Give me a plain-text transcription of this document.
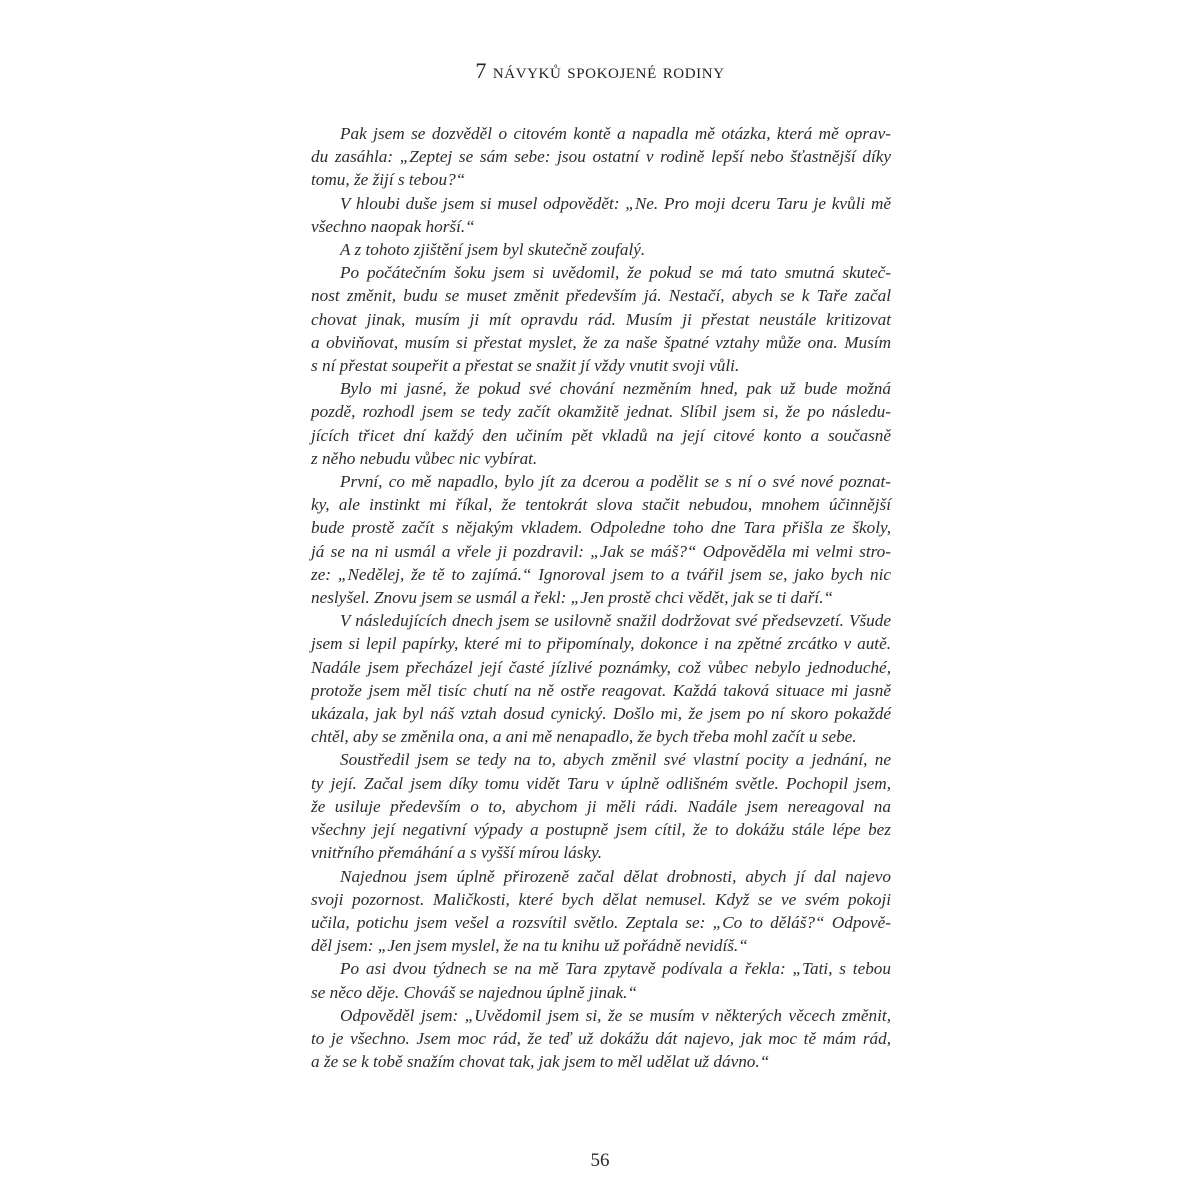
7 návyků spokojené rodiny

Pak jsem se dozvěděl o citovém kontě a napadla mě otázka, která mě oprav-
du zasáhla: „Zeptej se sám sebe: jsou ostatní v rodině lepší nebo šťastnější díky
tomu, že žijí s tebou?“

V hloubi duše jsem si musel odpovědět: „Ne. Pro moji dceru Taru je kvůli mě
všechno naopak horší.“

A z tohoto zjištění jsem byl skutečně zoufalý.

Po počátečním šoku jsem si uvědomil, že pokud se má tato smutná skuteč-
nost změnit, budu se muset změnit především já. Nestačí, abych se k Taře začal
chovat jinak, musím ji mít opravdu rád. Musím ji přestat neustále kritizovat
a obviňovat, musím si přestat myslet, že za naše špatné vztahy může ona. Musím
s ní přestat soupeřit a přestat se snažit jí vždy vnutit svoji vůli.

Bylo mi jasné, že pokud své chování nezměním hned, pak už bude možná
pozdě, rozhodl jsem se tedy začít okamžitě jednat. Slíbil jsem si, že po následu-
jících třicet dní každý den učiním pět vkladů na její citové konto a současně
z něho nebudu vůbec nic vybírat.

První, co mě napadlo, bylo jít za dcerou a podělit se s ní o své nové poznat-
ky, ale instinkt mi říkal, že tentokrát slova stačit nebudou, mnohem účinnější
bude prostě začít s nějakým vkladem. Odpoledne toho dne Tara přišla ze školy,
já se na ni usmál a vřele ji pozdravil: „Jak se máš?“ Odpověděla mi velmi stro-
ze: „Nedělej, že tě to zajímá.“ Ignoroval jsem to a tvářil jsem se, jako bych nic
neslyšel. Znovu jsem se usmál a řekl: „Jen prostě chci vědět, jak se ti daří.“

V následujících dnech jsem se usilovně snažil dodržovat své předsevzetí. Všude
jsem si lepil papírky, které mi to připomínaly, dokonce i na zpětné zrcátko v autě.
Nadále jsem přecházel její časté jízlivé poznámky, což vůbec nebylo jednoduché,
protože jsem měl tisíc chutí na ně ostře reagovat. Každá taková situace mi jasně
ukázala, jak byl náš vztah dosud cynický. Došlo mi, že jsem po ní skoro pokaždé
chtěl, aby se změnila ona, a ani mě nenapadlo, že bych třeba mohl začít u sebe.

Soustředil jsem se tedy na to, abych změnil své vlastní pocity a jednání, ne
ty její. Začal jsem díky tomu vidět Taru v úplně odlišném světle. Pochopil jsem,
že usiluje především o to, abychom ji měli rádi. Nadále jsem nereagoval na
všechny její negativní výpady a postupně jsem cítil, že to dokážu stále lépe bez
vnitřního přemáhání a s vyšší mírou lásky.

Najednou jsem úplně přirozeně začal dělat drobnosti, abych jí dal najevo
svoji pozornost. Maličkosti, které bych dělat nemusel. Když se ve svém pokoji
učila, potichu jsem vešel a rozsvítil světlo. Zeptala se: „Co to děláš?“ Odpově-
děl jsem: „Jen jsem myslel, že na tu knihu už pořádně nevidíš.“

Po asi dvou týdnech se na mě Tara zpytavě podívala a řekla: „Tati, s tebou
se něco děje. Chováš se najednou úplně jinak.“

Odpověděl jsem: „Uvědomil jsem si, že se musím v některých věcech změnit,
to je všechno. Jsem moc rád, že teď už dokážu dát najevo, jak moc tě mám rád,
a že se k tobě snažím chovat tak, jak jsem to měl udělat už dávno.“

56
